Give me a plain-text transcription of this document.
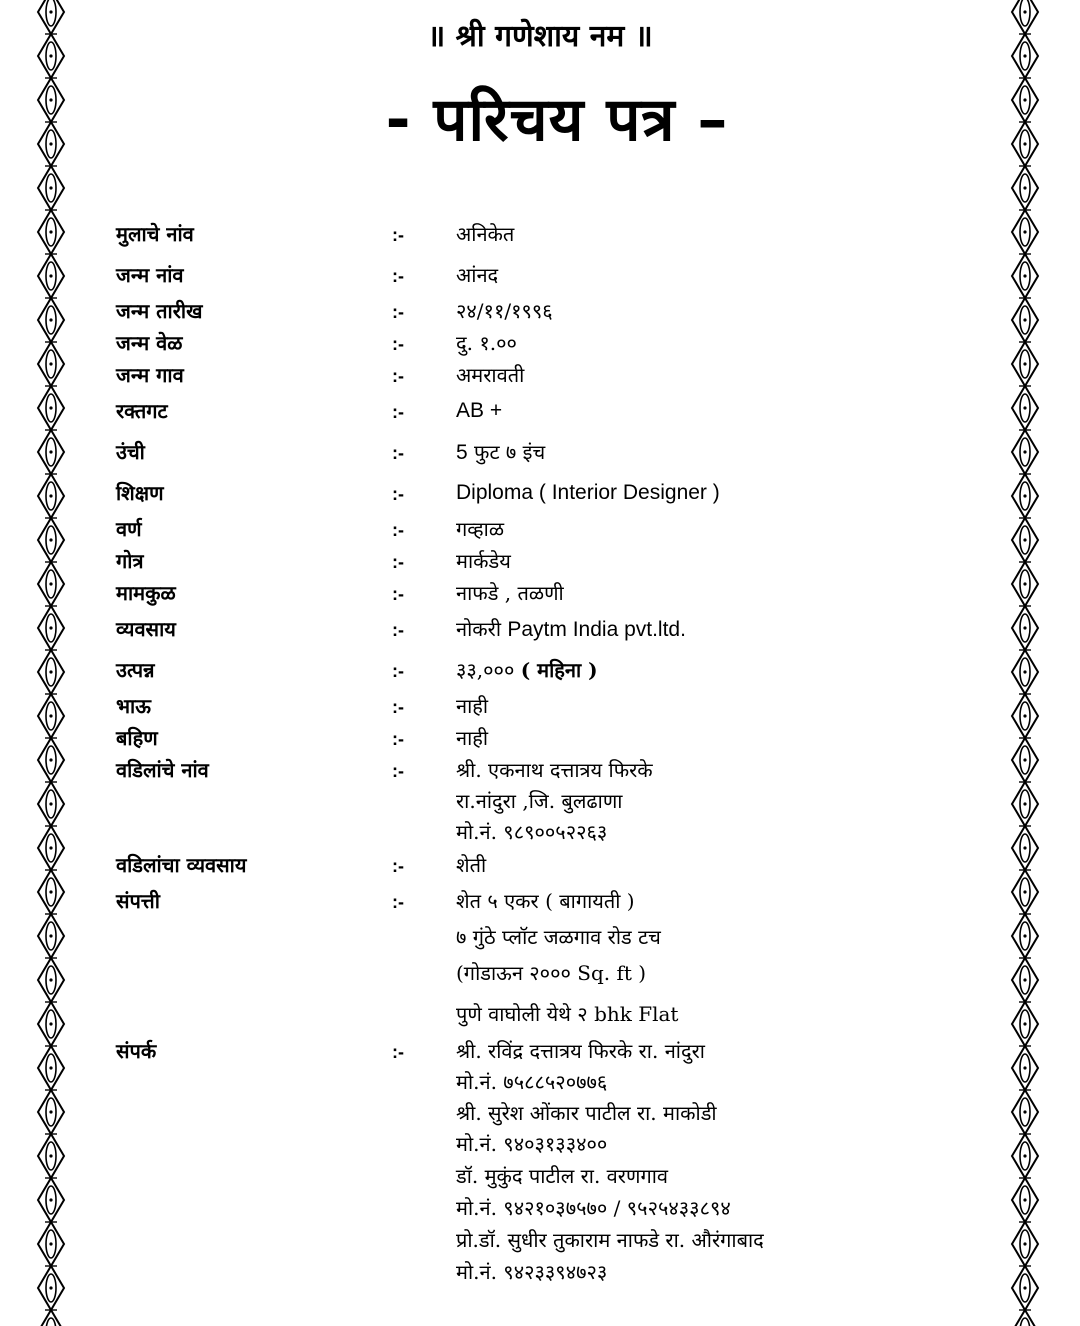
॥ श्री गणेशाय नम ॥
- परिचय पत्र –
मुलाचे नांव	:-	अनिकेत
जन्म नांव	:-	आंनद
जन्म तारीख	:-	२४/११/१९९६
जन्म वेळ	:-	दु. १.००
जन्म गाव	:-	अमरावती
रक्तगट	:- AB +
उंची	:- 5 फुट ७ इंच
शिक्षण	:- Diploma ( Interior Designer )
वर्ण	:-	गव्हाळ
गोत्र	:-	मार्कडेय
मामकुळ	:-	नाफडे , तळणी
व्यवसाय	:-	नोकरी Paytm India pvt.ltd.
उत्पन्न	:-	३३,००० ( महिना )
भाऊ	:-	नाही
बहिण	:-	नाही
वडिलांचे नांव	:-	श्री. एकनाथ दत्तात्रय फिरके
रा.नांदुरा ,जि. बुलढाणा
मो.नं. ९८९००५२२६३
वडिलांचा व्यवसाय	:-	शेती
संपत्ती	:-	शेत ५ एकर ( बागायती )
७ गुंठे प्लॉट जळगाव रोड टच
(गोडाऊन २००० Sq. ft )
पुणे वाघोली येथे २ bhk Flat
संपर्क	:-	श्री. रविंद्र दत्तात्रय फिरके रा. नांदुरा
मो.नं. ७५८८५२०७७६
श्री. सुरेश ओंकार पाटील रा. माकोडी
मो.नं. ९४०३१३३४००
डॉ. मुकुंद पाटील रा. वरणगाव
मो.नं. ९४२१०३७५७० / ९५२५४३३८९४
प्रो.डॉ. सुधीर तुकाराम नाफडे रा. औरंगाबाद
मो.नं. ९४२३३९४७२३
